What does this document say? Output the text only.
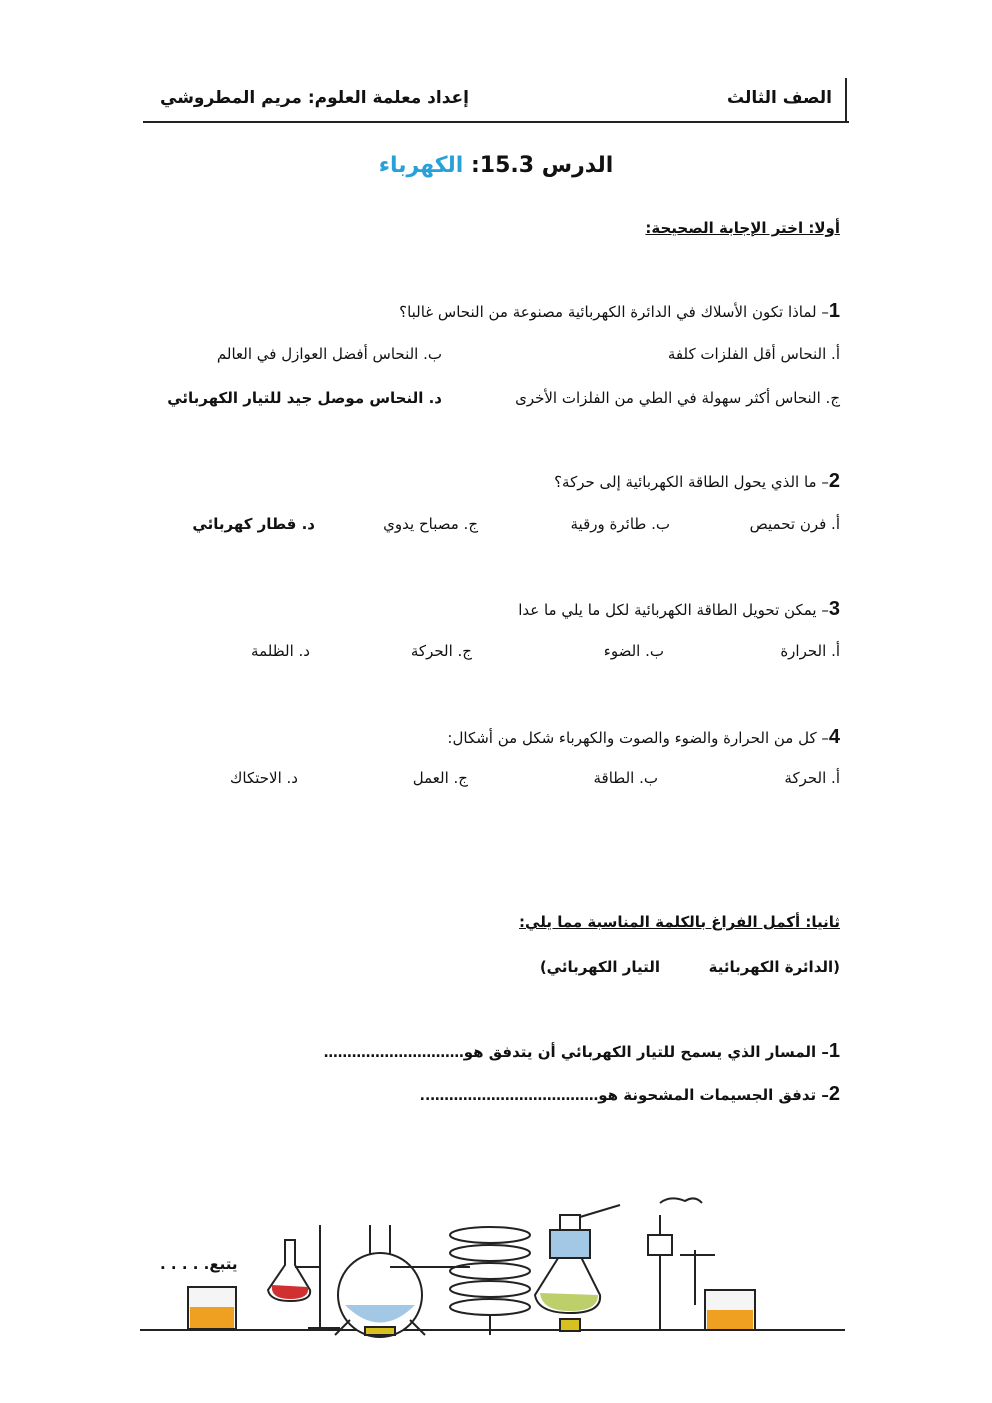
الصف الثالث
إعداد معلمة العلوم: مريم المطروشي
الدرس 15.3: الكهرباء
أولا: اختر الإجابة الصحيحة:
1– لماذا تكون الأسلاك في الدائرة الكهربائية مصنوعة من النحاس غالبا؟
أ. النحاس أقل الفلزات كلفة
ب. النحاس أفضل العوازل في العالم
ج. النحاس أكثر سهولة في الطي من الفلزات الأخرى
د. النحاس موصل جيد للتيار الكهربائي
2– ما الذي يحول الطاقة الكهربائية إلى حركة؟
أ. فرن تحميص
ب. طائرة ورقية
ج. مصباح يدوي
د. قطار كهربائي
3– يمكن تحويل الطاقة الكهربائية لكل ما يلي ما عدا
أ. الحرارة
ب. الضوء
ج. الحركة
د. الظلمة
4– كل من الحرارة والضوء والصوت والكهرباء شكل من أشكال:
أ. الحركة
ب. الطاقة
ج. العمل
د. الاحتكاك
ثانيا: أكمل الفراغ بالكلمة المناسبة مما يلي:
(الدائرة الكهربائية
التيار الكهربائي)
1– المسار الذي يسمح للتيار الكهربائي أن يتدفق هو…………………………
2– تدفق الجسيمات المشحونة هو………………………………..
يتبع. . . . .
